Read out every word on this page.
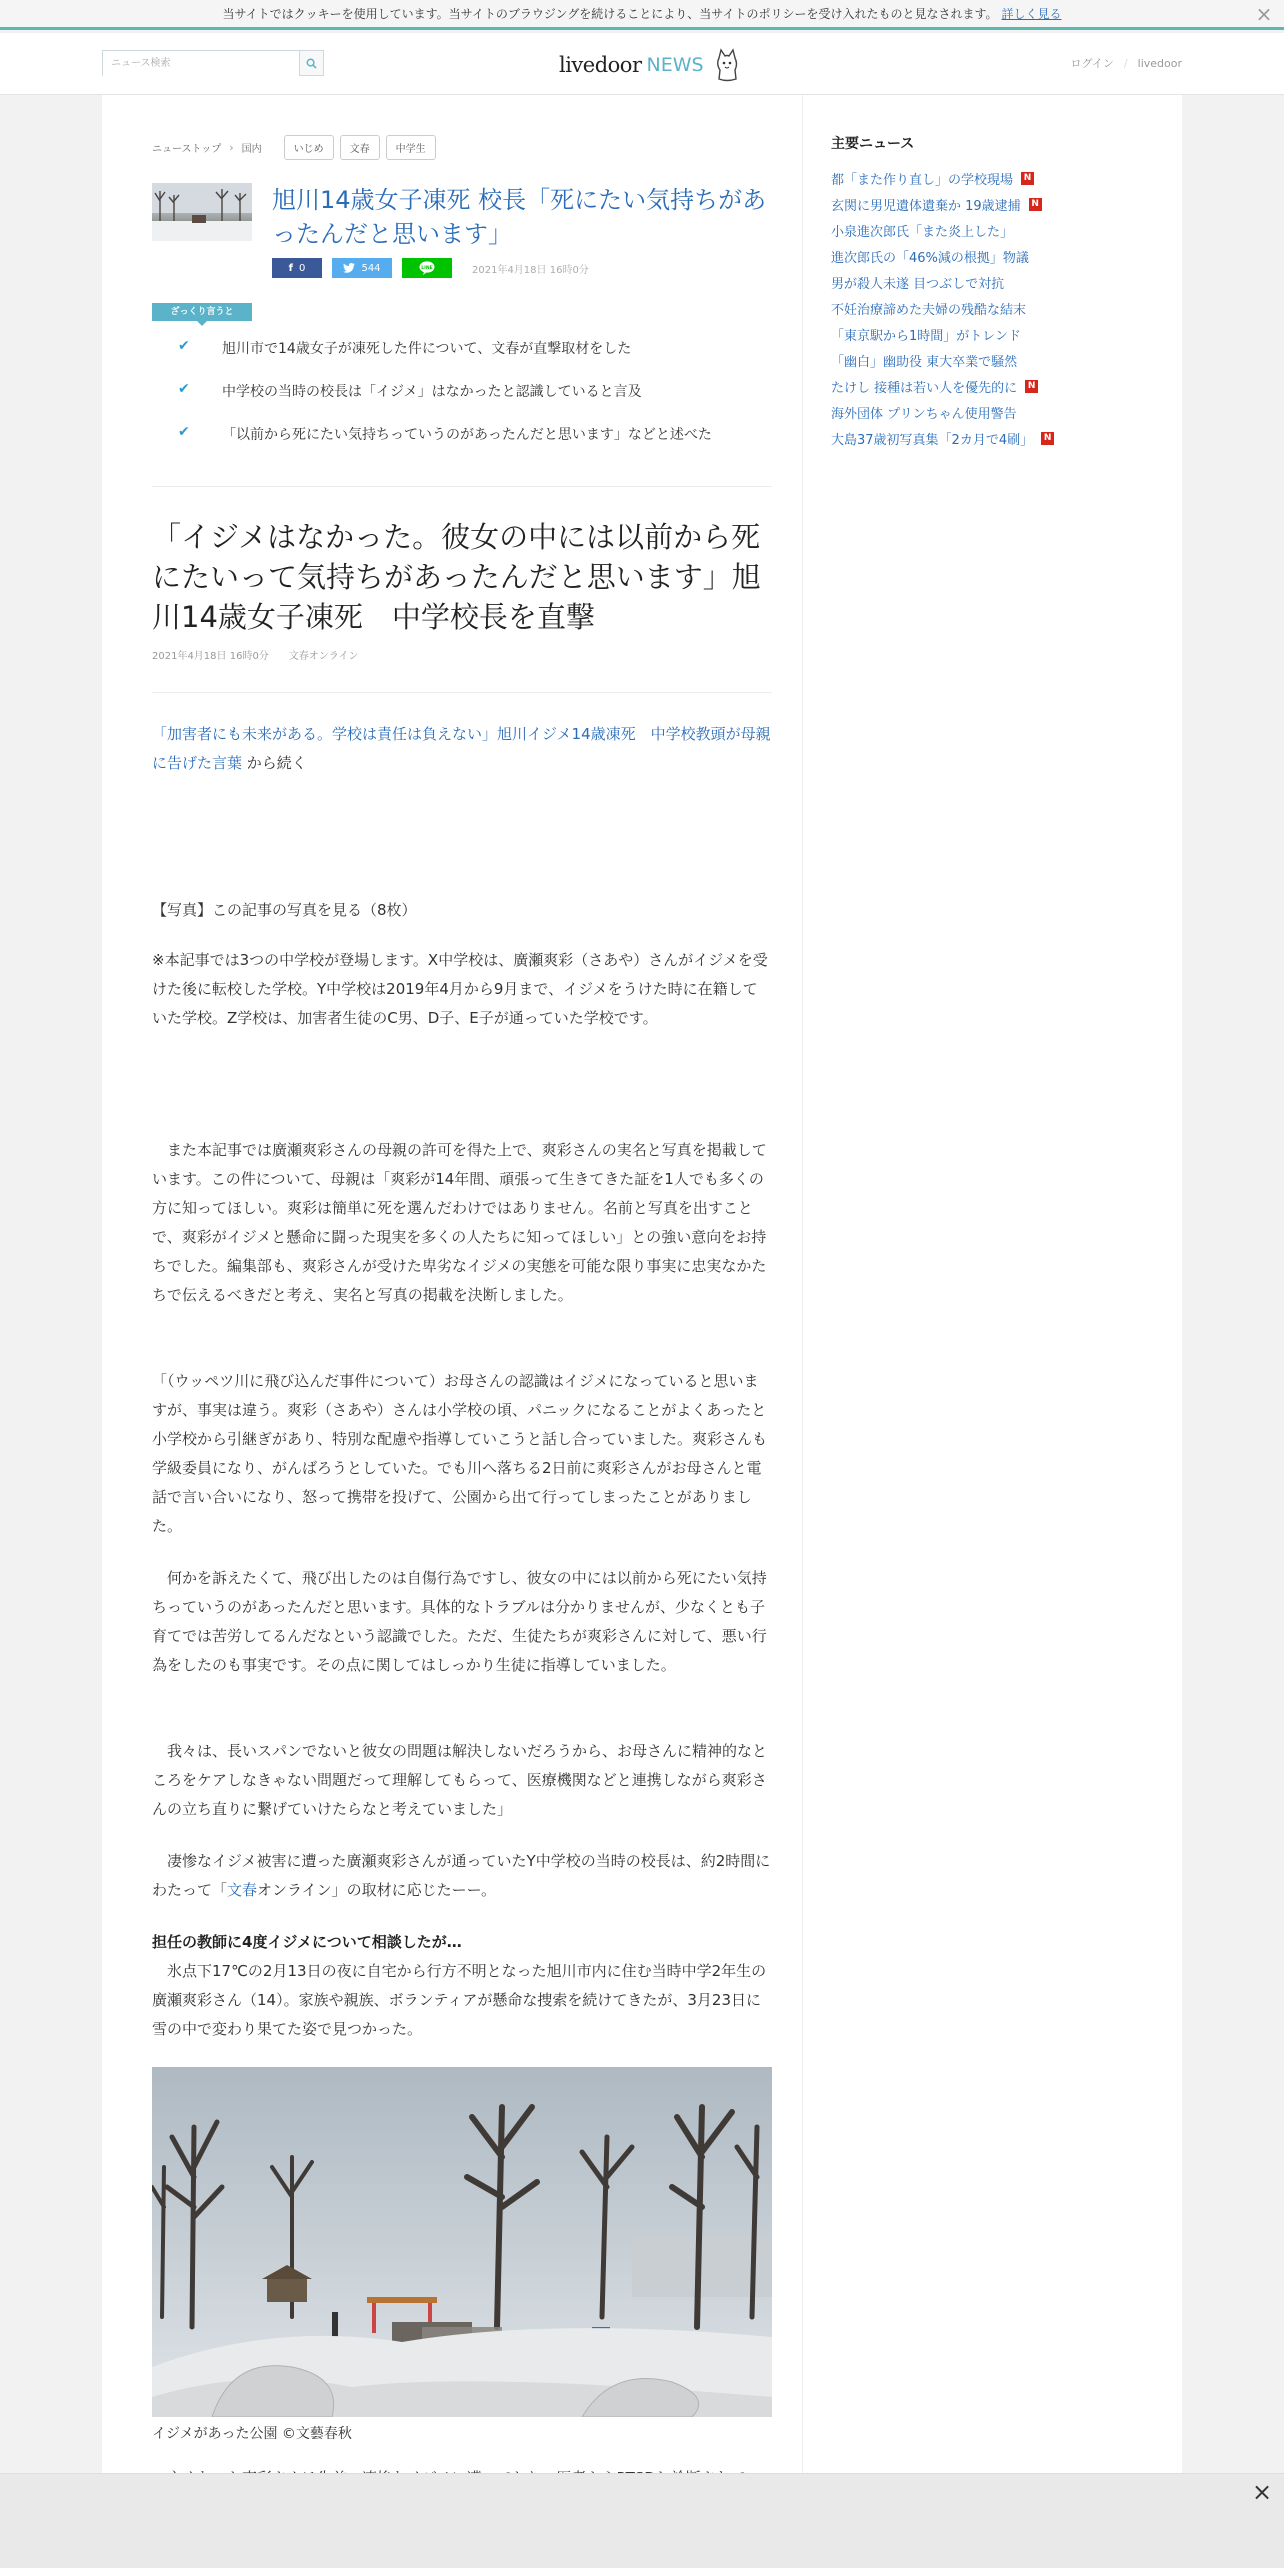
当サイトではクッキーを使用しています。当サイトのブラウジングを続けることにより、当サイトのポリシーを受け入れたものと見なされます。 詳しく見る	×
ニュース検索
livedoor NEWS	ログイン / livedoor
ニューストップ › 国内	いじめ	文春	中学生
旭川14歳女子凍死 校長「死にたい気持ちがあったんだと思います」
f 0	544	LINE	2021年4月18日 16時0分
ざっくり言うと
✔	旭川市で14歳女子が凍死した件について、文春が直撃取材をした
✔	中学校の当時の校長は「イジメ」はなかったと認識していると言及
✔	「以前から死にたい気持ちっていうのがあったんだと思います」などと述べた
「イジメはなかった。彼女の中には以前から死にたいって気持ちがあったんだと思います」旭川14歳女子凍死　中学校長を直撃
2021年4月18日 16時0分 文春オンライン
「加害者にも未来がある。学校は責任は負えない」旭川イジメ14歳凍死　中学校教頭が母親に告げた言葉 から続く
【写真】この記事の写真を見る（8枚）
※本記事では3つの中学校が登場します。X中学校は、廣瀬爽彩（さあや）さんがイジメを受けた後に転校した学校。Y中学校は2019年4月から9月まで、イジメをうけた時に在籍していた学校。Z学校は、加害者生徒のC男、D子、E子が通っていた学校です。
　また本記事では廣瀬爽彩さんの母親の許可を得た上で、爽彩さんの実名と写真を掲載しています。この件について、母親は「爽彩が14年間、頑張って生きてきた証を1人でも多くの方に知ってほしい。爽彩は簡単に死を選んだわけではありません。名前と写真を出すことで、爽彩がイジメと懸命に闘った現実を多くの人たちに知ってほしい」との強い意向をお持ちでした。編集部も、爽彩さんが受けた卑劣なイジメの実態を可能な限り事実に忠実なかたちで伝えるべきだと考え、実名と写真の掲載を決断しました。
「（ウッペツ川に飛び込んだ事件について）お母さんの認識はイジメになっていると思いますが、事実は違う。爽彩（さあや）さんは小学校の頃、パニックになることがよくあったと小学校から引継ぎがあり、特別な配慮や指導していこうと話し合っていました。爽彩さんも学級委員になり、がんばろうとしていた。でも川へ落ちる2日前に爽彩さんがお母さんと電話で言い合いになり、怒って携帯を投げて、公園から出て行ってしまったことがありました。
　何かを訴えたくて、飛び出したのは自傷行為ですし、彼女の中には以前から死にたい気持ちっていうのがあったんだと思います。具体的なトラブルは分かりませんが、少なくとも子育てでは苦労してるんだなという認識でした。ただ、生徒たちが爽彩さんに対して、悪い行為をしたのも事実です。その点に関してはしっかり生徒に指導していました。
　我々は、長いスパンでないと彼女の問題は解決しないだろうから、お母さんに精神的なところをケアしなきゃない問題だって理解してもらって、医療機関などと連携しながら爽彩さんの立ち直りに繋げていけたらなと考えていました」
　凄惨なイジメ被害に遭った廣瀬爽彩さんが通っていたY中学校の当時の校長は、約2時間にわたって「文春オンライン」の取材に応じたーー。
担任の教師に4度イジメについて相談したが…
　氷点下17℃の2月13日の夜に自宅から行方不明となった旭川市内に住む当時中学2年生の廣瀬爽彩さん（14）。家族や親族、ボランティアが懸命な捜索を続けてきたが、3月23日に雪の中で変わり果てた姿で見つかった。
イジメがあった公園 ©文藝春秋
主要ニュース
都「また作り直し」の学校現場	N
玄関に男児遺体遺棄か 19歳逮捕	N
小泉進次郎氏「また炎上した」
進次郎氏の「46%減の根拠」物議
男が殺人未遂 目つぶしで対抗
不妊治療諦めた夫婦の残酷な結末
「東京駅から1時間」がトレンド
「幽白」幽助役 東大卒業で騒然
たけし 接種は若い人を優先的に	N
海外団体 プリンちゃん使用警告
大島37歳初写真集「2カ月で4刷」	N
×
